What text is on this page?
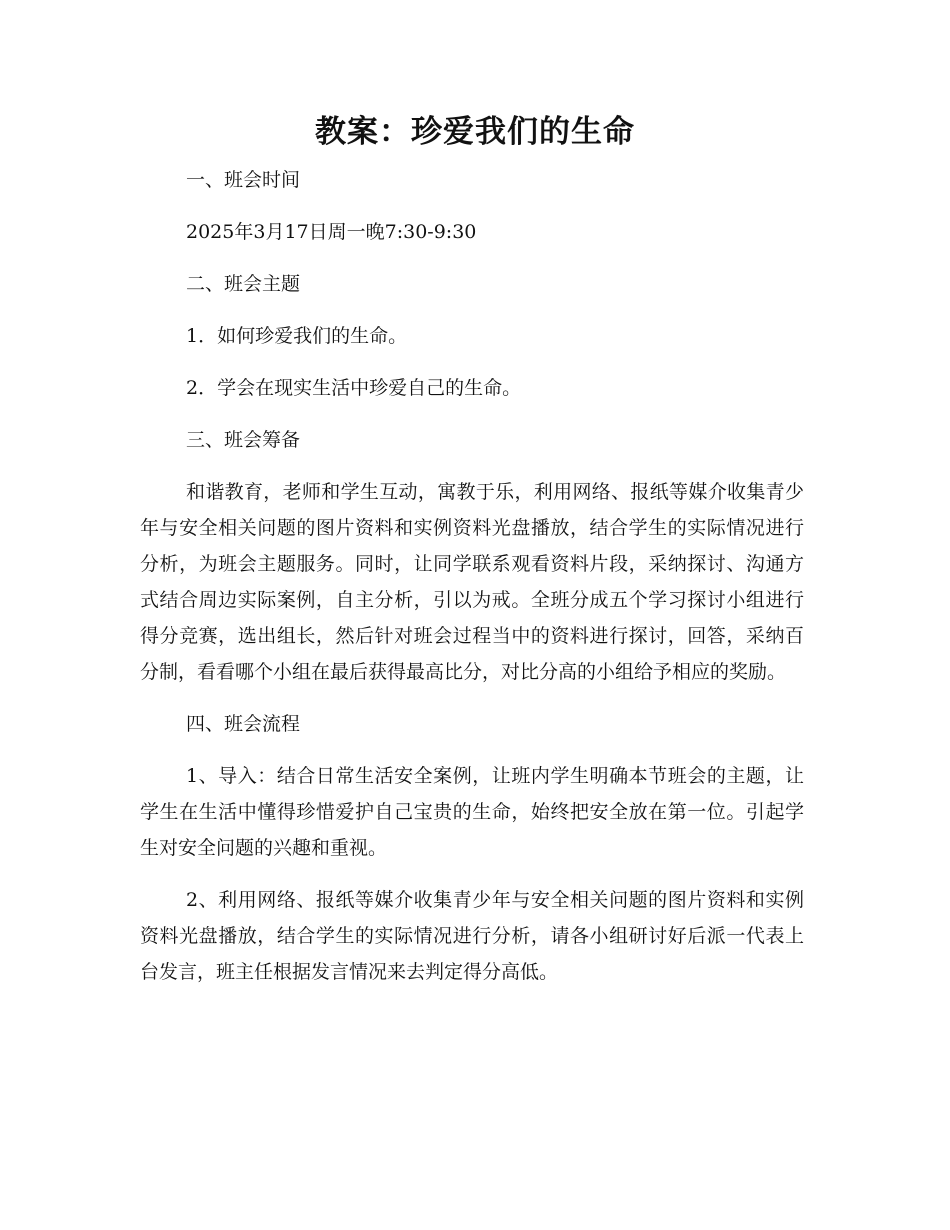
教案：珍爱我们的生命

一、班会时间

2025年3月17日周一晚7:30-9:30

二、班会主题

1．如何珍爱我们的生命。

2．学会在现实生活中珍爱自己的生命。

三、班会筹备

和谐教育，老师和学生互动，寓教于乐，利用网络、报纸等媒介收集青少年与安全相关问题的图片资料和实例资料光盘播放，结合学生的实际情况进行分析，为班会主题服务。同时，让同学联系观看资料片段，采纳探讨、沟通方式结合周边实际案例，自主分析，引以为戒。全班分成五个学习探讨小组进行得分竞赛，选出组长，然后针对班会过程当中的资料进行探讨，回答，采纳百分制，看看哪个小组在最后获得最高比分，对比分高的小组给予相应的奖励。

四、班会流程

1、导入：结合日常生活安全案例，让班内学生明确本节班会的主题，让学生在生活中懂得珍惜爱护自己宝贵的生命，始终把安全放在第一位。引起学生对安全问题的兴趣和重视。

2、利用网络、报纸等媒介收集青少年与安全相关问题的图片资料和实例资料光盘播放，结合学生的实际情况进行分析，请各小组研讨好后派一代表上台发言，班主任根据发言情况来去判定得分高低。
